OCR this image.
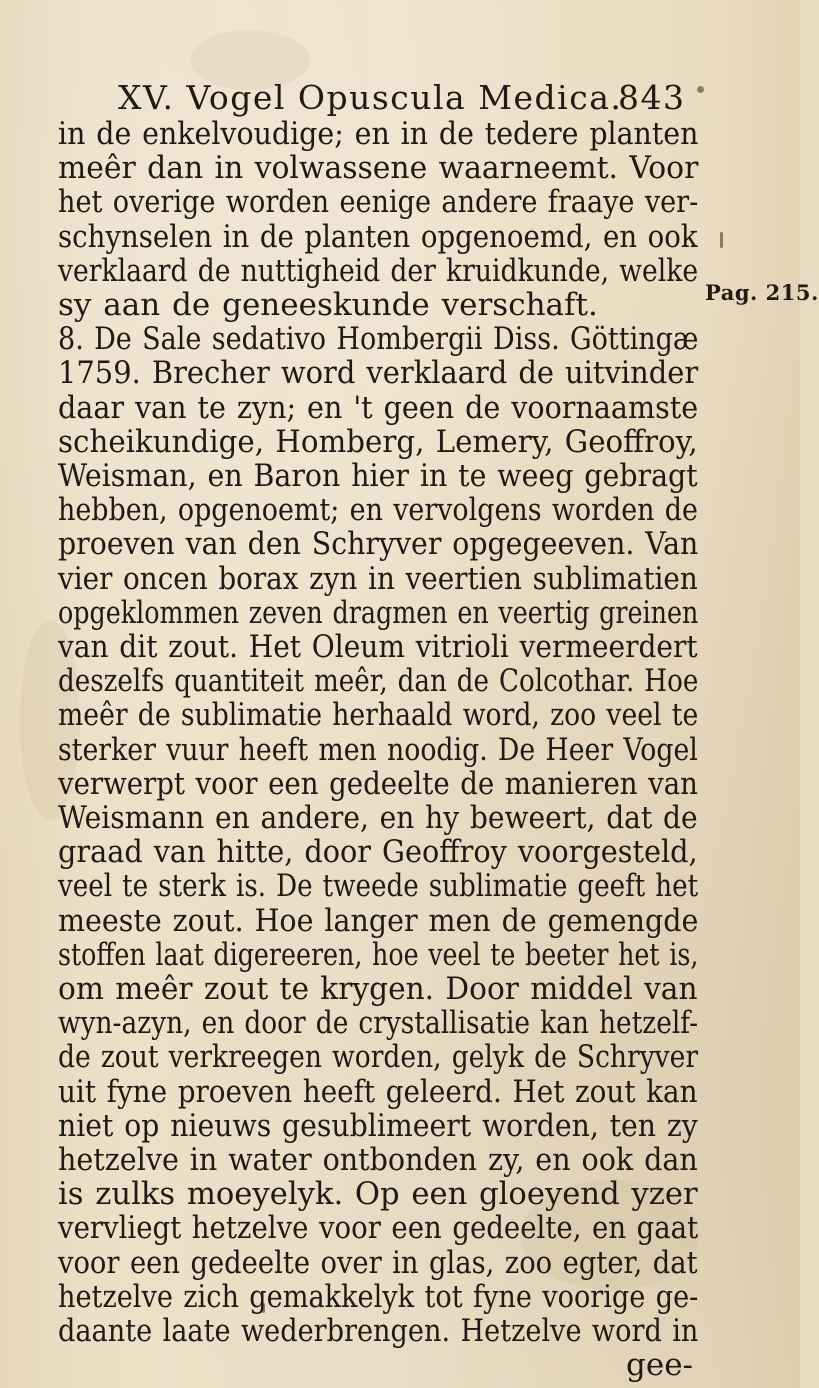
XV. Vogel Opuscula Medica.
843
Pag. 215.
in de enkelvoudige; en in de tedere planten
meêr dan in volwassene waarneemt. Voor
het overige worden eenige andere fraaye ver-
schynselen in de planten opgenoemd, en ook
verklaard de nuttigheid der kruidkunde, welke
sy aan de geneeskunde verschaft.
8. De Sale sedativo Hombergii Diss. Göttingæ
1759. Brecher word verklaard de uitvinder
daar van te zyn; en 't geen de voornaamste
scheikundige, Homberg, Lemery, Geoffroy,
Weisman, en Baron hier in te weeg gebragt
hebben, opgenoemt; en vervolgens worden de
proeven van den Schryver opgegeeven. Van
vier oncen borax zyn in veertien sublimatien
opgeklommen zeven dragmen en veertig greinen
van dit zout. Het Oleum vitrioli vermeerdert
deszelfs quantiteit meêr, dan de Colcothar. Hoe
meêr de sublimatie herhaald word, zoo veel te
sterker vuur heeft men noodig. De Heer Vogel
verwerpt voor een gedeelte de manieren van
Weismann en andere, en hy beweert, dat de
graad van hitte, door Geoffroy voorgesteld,
veel te sterk is. De tweede sublimatie geeft het
meeste zout. Hoe langer men de gemengde
stoffen laat digereeren, hoe veel te beeter het is,
om meêr zout te krygen. Door middel van
wyn-azyn, en door de crystallisatie kan hetzelf-
de zout verkreegen worden, gelyk de Schryver
uit fyne proeven heeft geleerd. Het zout kan
niet op nieuws gesublimeert worden, ten zy
hetzelve in water ontbonden zy, en ook dan
is zulks moeyelyk. Op een gloeyend yzer
vervliegt hetzelve voor een gedeelte, en gaat
voor een gedeelte over in glas, zoo egter, dat
hetzelve zich gemakkelyk tot fyne voorige ge-
daante laate wederbrengen. Hetzelve word in
gee-
